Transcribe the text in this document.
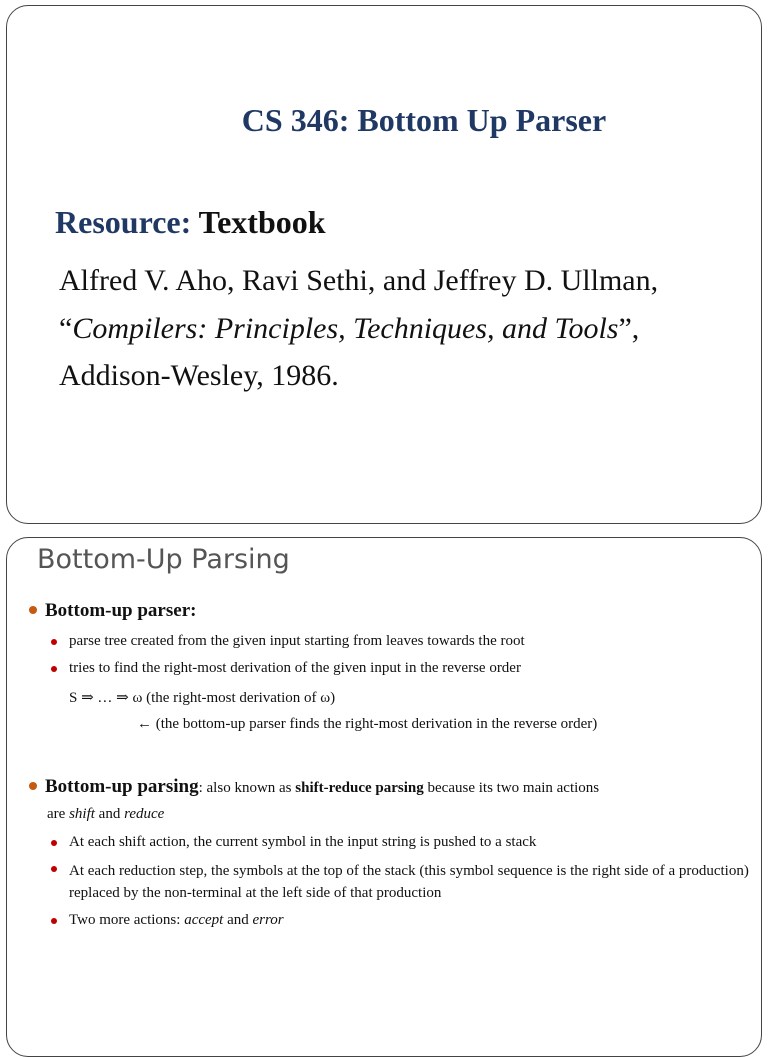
CS 346: Bottom Up Parser
Resource: Textbook
Alfred V. Aho, Ravi Sethi, and Jeffrey D. Ullman,
“Compilers: Principles, Techniques, and Tools”,
Addison-Wesley, 1986.
Bottom-Up Parsing
Bottom-up parser:
parse tree created from the given input starting from leaves towards the root
tries to find the right-most derivation of the given input in the reverse order
S ⇒ … ⇒ ω (the right-most derivation of ω)
← (the bottom-up parser finds the right-most derivation in the reverse order)
Bottom-up parsing: also known as shift-reduce parsing because its two main actions
are shift and reduce
At each shift action, the current symbol in the input string is pushed to a stack
At each reduction step, the symbols at the top of the stack (this symbol sequence is the right side of a production) replaced by the non-terminal at the left side of that production
Two more actions: accept and error
